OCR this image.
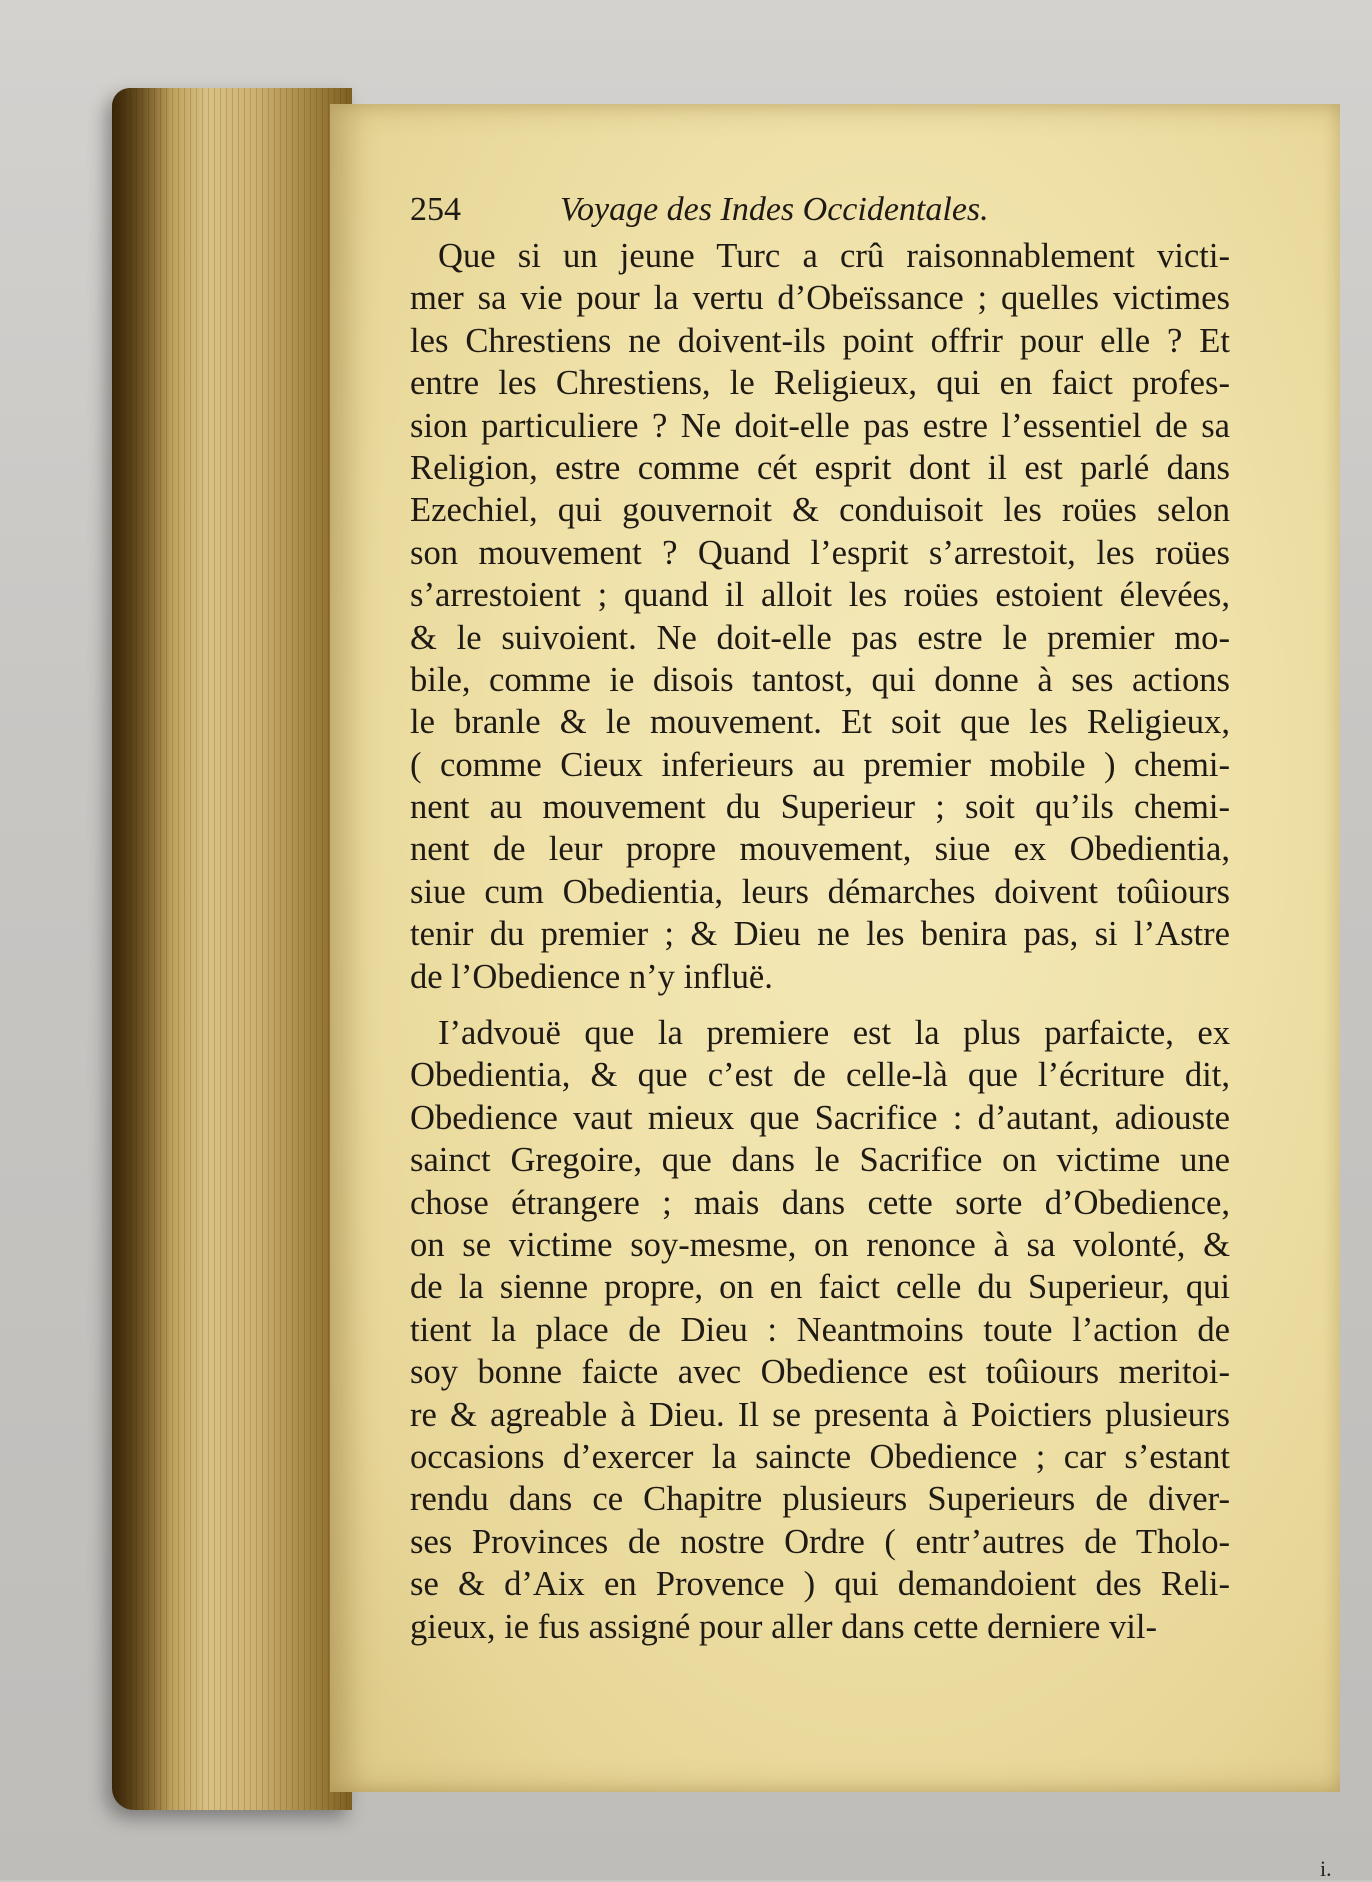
254	Voyage des Indes Occidentales.
Que si un jeune Turc a crû raisonnablement victi-
mer sa vie pour la vertu d’Obeïssance ; quelles victimes
les Chrestiens ne doivent-ils point offrir pour elle ? Et
entre les Chrestiens, le Religieux, qui en faict profes-
sion particuliere ? Ne doit-elle pas estre l’essentiel de sa
Religion, estre comme cét esprit dont il est parlé dans
Ezechiel, qui gouvernoit & conduisoit les roües selon
son mouvement ? Quand l’esprit s’arrestoit, les roües
s’arrestoient ; quand il alloit les roües estoient élevées,
& le suivoient. Ne doit-elle pas estre le premier mo-
bile, comme ie disois tantost, qui donne à ses actions
le branle & le mouvement. Et soit que les Religieux,
( comme Cieux inferieurs au premier mobile ) chemi-
nent au mouvement du Superieur ; soit qu’ils chemi-
nent de leur propre mouvement, siue ex Obedientia,
siue cum Obedientia, leurs démarches doivent toûiours
tenir du premier ; & Dieu ne les benira pas, si l’Astre
de l’Obedience n’y influë.
I’advouë que la premiere est la plus parfaicte, ex
Obedientia, & que c’est de celle-là que l’écriture dit,
Obedience vaut mieux que Sacrifice : d’autant, adiouste
sainct Gregoire, que dans le Sacrifice on victime une
chose étrangere ; mais dans cette sorte d’Obedience,
on se victime soy-mesme, on renonce à sa volonté, &
de la sienne propre, on en faict celle du Superieur, qui
tient la place de Dieu : Neantmoins toute l’action de
soy bonne faicte avec Obedience est toûiours meritoi-
re & agreable à Dieu. Il se presenta à Poictiers plusieurs
occasions d’exercer la saincte Obedience ; car s’estant
rendu dans ce Chapitre plusieurs Superieurs de diver-
ses Provinces de nostre Ordre ( entr’autres de Tholo-
se & d’Aix en Provence ) qui demandoient des Reli-
gieux, ie fus assigné pour aller dans cette derniere vil-
i.
